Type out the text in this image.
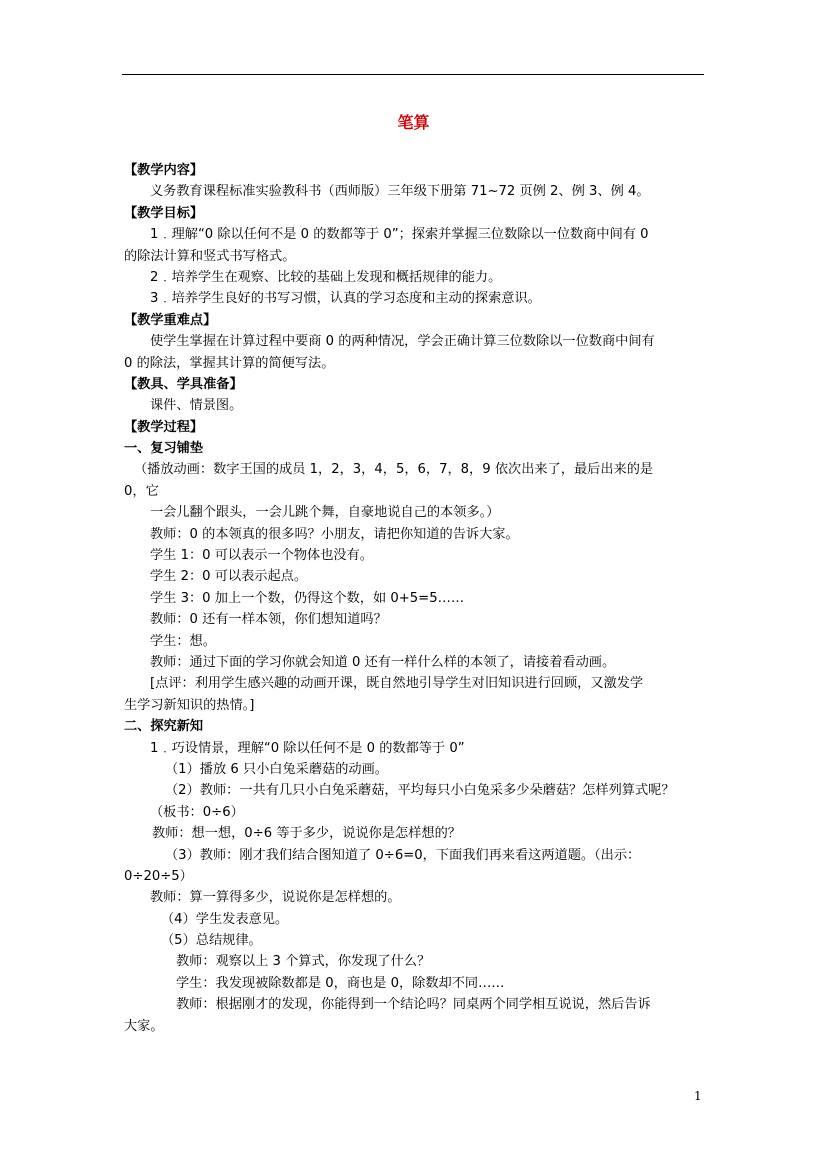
笔算
【教学内容】
义务教育课程标准实验教科书（西师版）三年级下册第 71~72 页例 2、例 3、例 4。
【教学目标】
1﹒理解“0 除以任何不是 0 的数都等于 0”；探索并掌握三位数除以一位数商中间有 0
的除法计算和竖式书写格式。
2﹒培养学生在观察、比较的基础上发现和概括规律的能力。
3﹒培养学生良好的书写习惯，认真的学习态度和主动的探索意识。
【教学重难点】
使学生掌握在计算过程中要商 0 的两种情况，学会正确计算三位数除以一位数商中间有
0 的除法，掌握其计算的简便写法。
【教具、学具准备】
课件、情景图。
【教学过程】
一、复习铺垫
（播放动画：数字王国的成员 1，2，3，4，5，6，7，8，9 依次出来了，最后出来的是
0，它
一会儿翻个跟头，一会儿跳个舞，自豪地说自己的本领多。）
教师：0 的本领真的很多吗？小朋友，请把你知道的告诉大家。
学生 1：0 可以表示一个物体也没有。
学生 2：0 可以表示起点。
学生 3：0 加上一个数，仍得这个数，如 0+5=5……
教师：0 还有一样本领，你们想知道吗？
学生：想。
教师：通过下面的学习你就会知道 0 还有一样什么样的本领了，请接着看动画。
[点评：利用学生感兴趣的动画开课，既自然地引导学生对旧知识进行回顾，又激发学
生学习新知识的热情。]
二、探究新知
1﹒巧设情景，理解“0 除以任何不是 0 的数都等于 0”
（1）播放 6 只小白兔采蘑菇的动画。
（2）教师：一共有几只小白兔采蘑菇，平均每只小白兔采多少朵蘑菇？怎样列算式呢？
（板书：0÷6）
教师：想一想，0÷6 等于多少，说说你是怎样想的？
（3）教师：刚才我们结合图知道了 0÷6=0，下面我们再来看这两道题。（出示：
0÷20÷5）
教师：算一算得多少，说说你是怎样想的。
（4）学生发表意见。
（5）总结规律。
教师：观察以上 3 个算式，你发现了什么？
学生：我发现被除数都是 0，商也是 0，除数却不同……
教师：根据刚才的发现，你能得到一个结论吗？同桌两个同学相互说说，然后告诉
大家。
1
